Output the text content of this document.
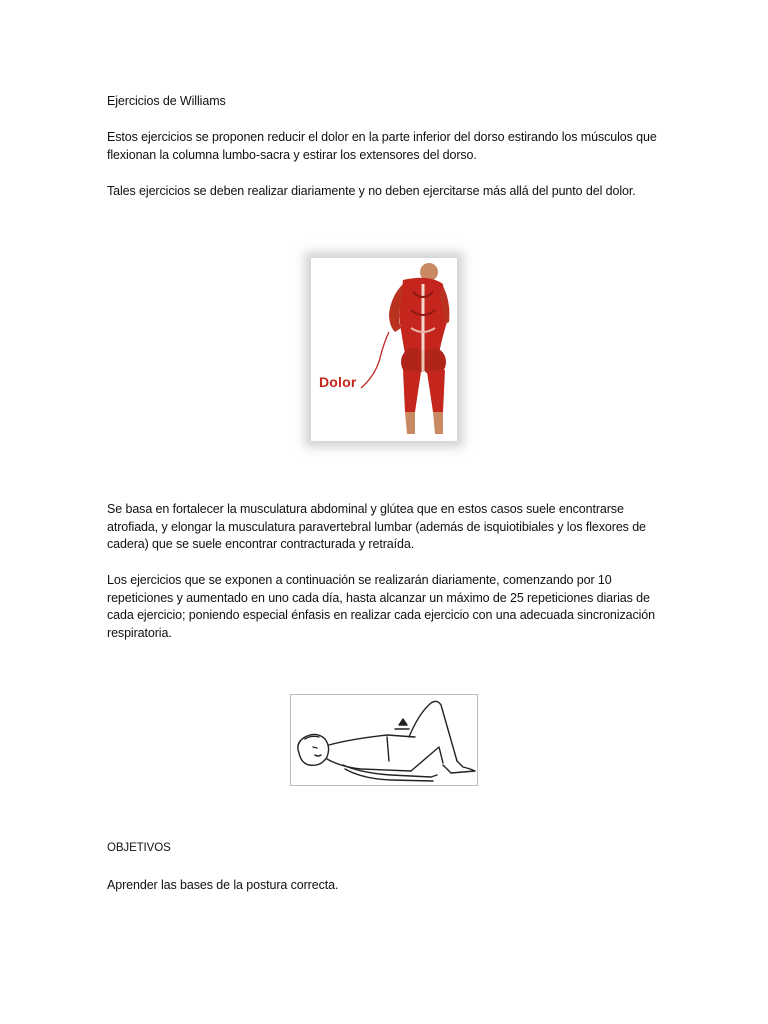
Ejercicios de Williams

Estos ejercicios se proponen reducir el dolor en la parte inferior del dorso estirando los músculos que flexionan la columna lumbo-sacra y estirar los extensores del dorso.

Tales ejercicios se deben realizar diariamente y no deben ejercitarse más allá del punto del dolor.

Dolor

Se basa en fortalecer la musculatura abdominal y glútea que en estos casos suele encontrarse atrofiada, y elongar la musculatura paravertebral lumbar (además de isquiotibiales y los flexores de cadera) que se suele encontrar contracturada y retraída.

Los ejercicios que se exponen a continuación se realizarán diariamente, comenzando por 10 repeticiones y aumentado en uno cada día, hasta alcanzar un máximo de 25 repeticiones diarias de cada ejercicio; poniendo especial énfasis en realizar cada ejercicio con una adecuada sincronización respiratoria.

OBJETIVOS

Aprender las bases de la postura correcta.
